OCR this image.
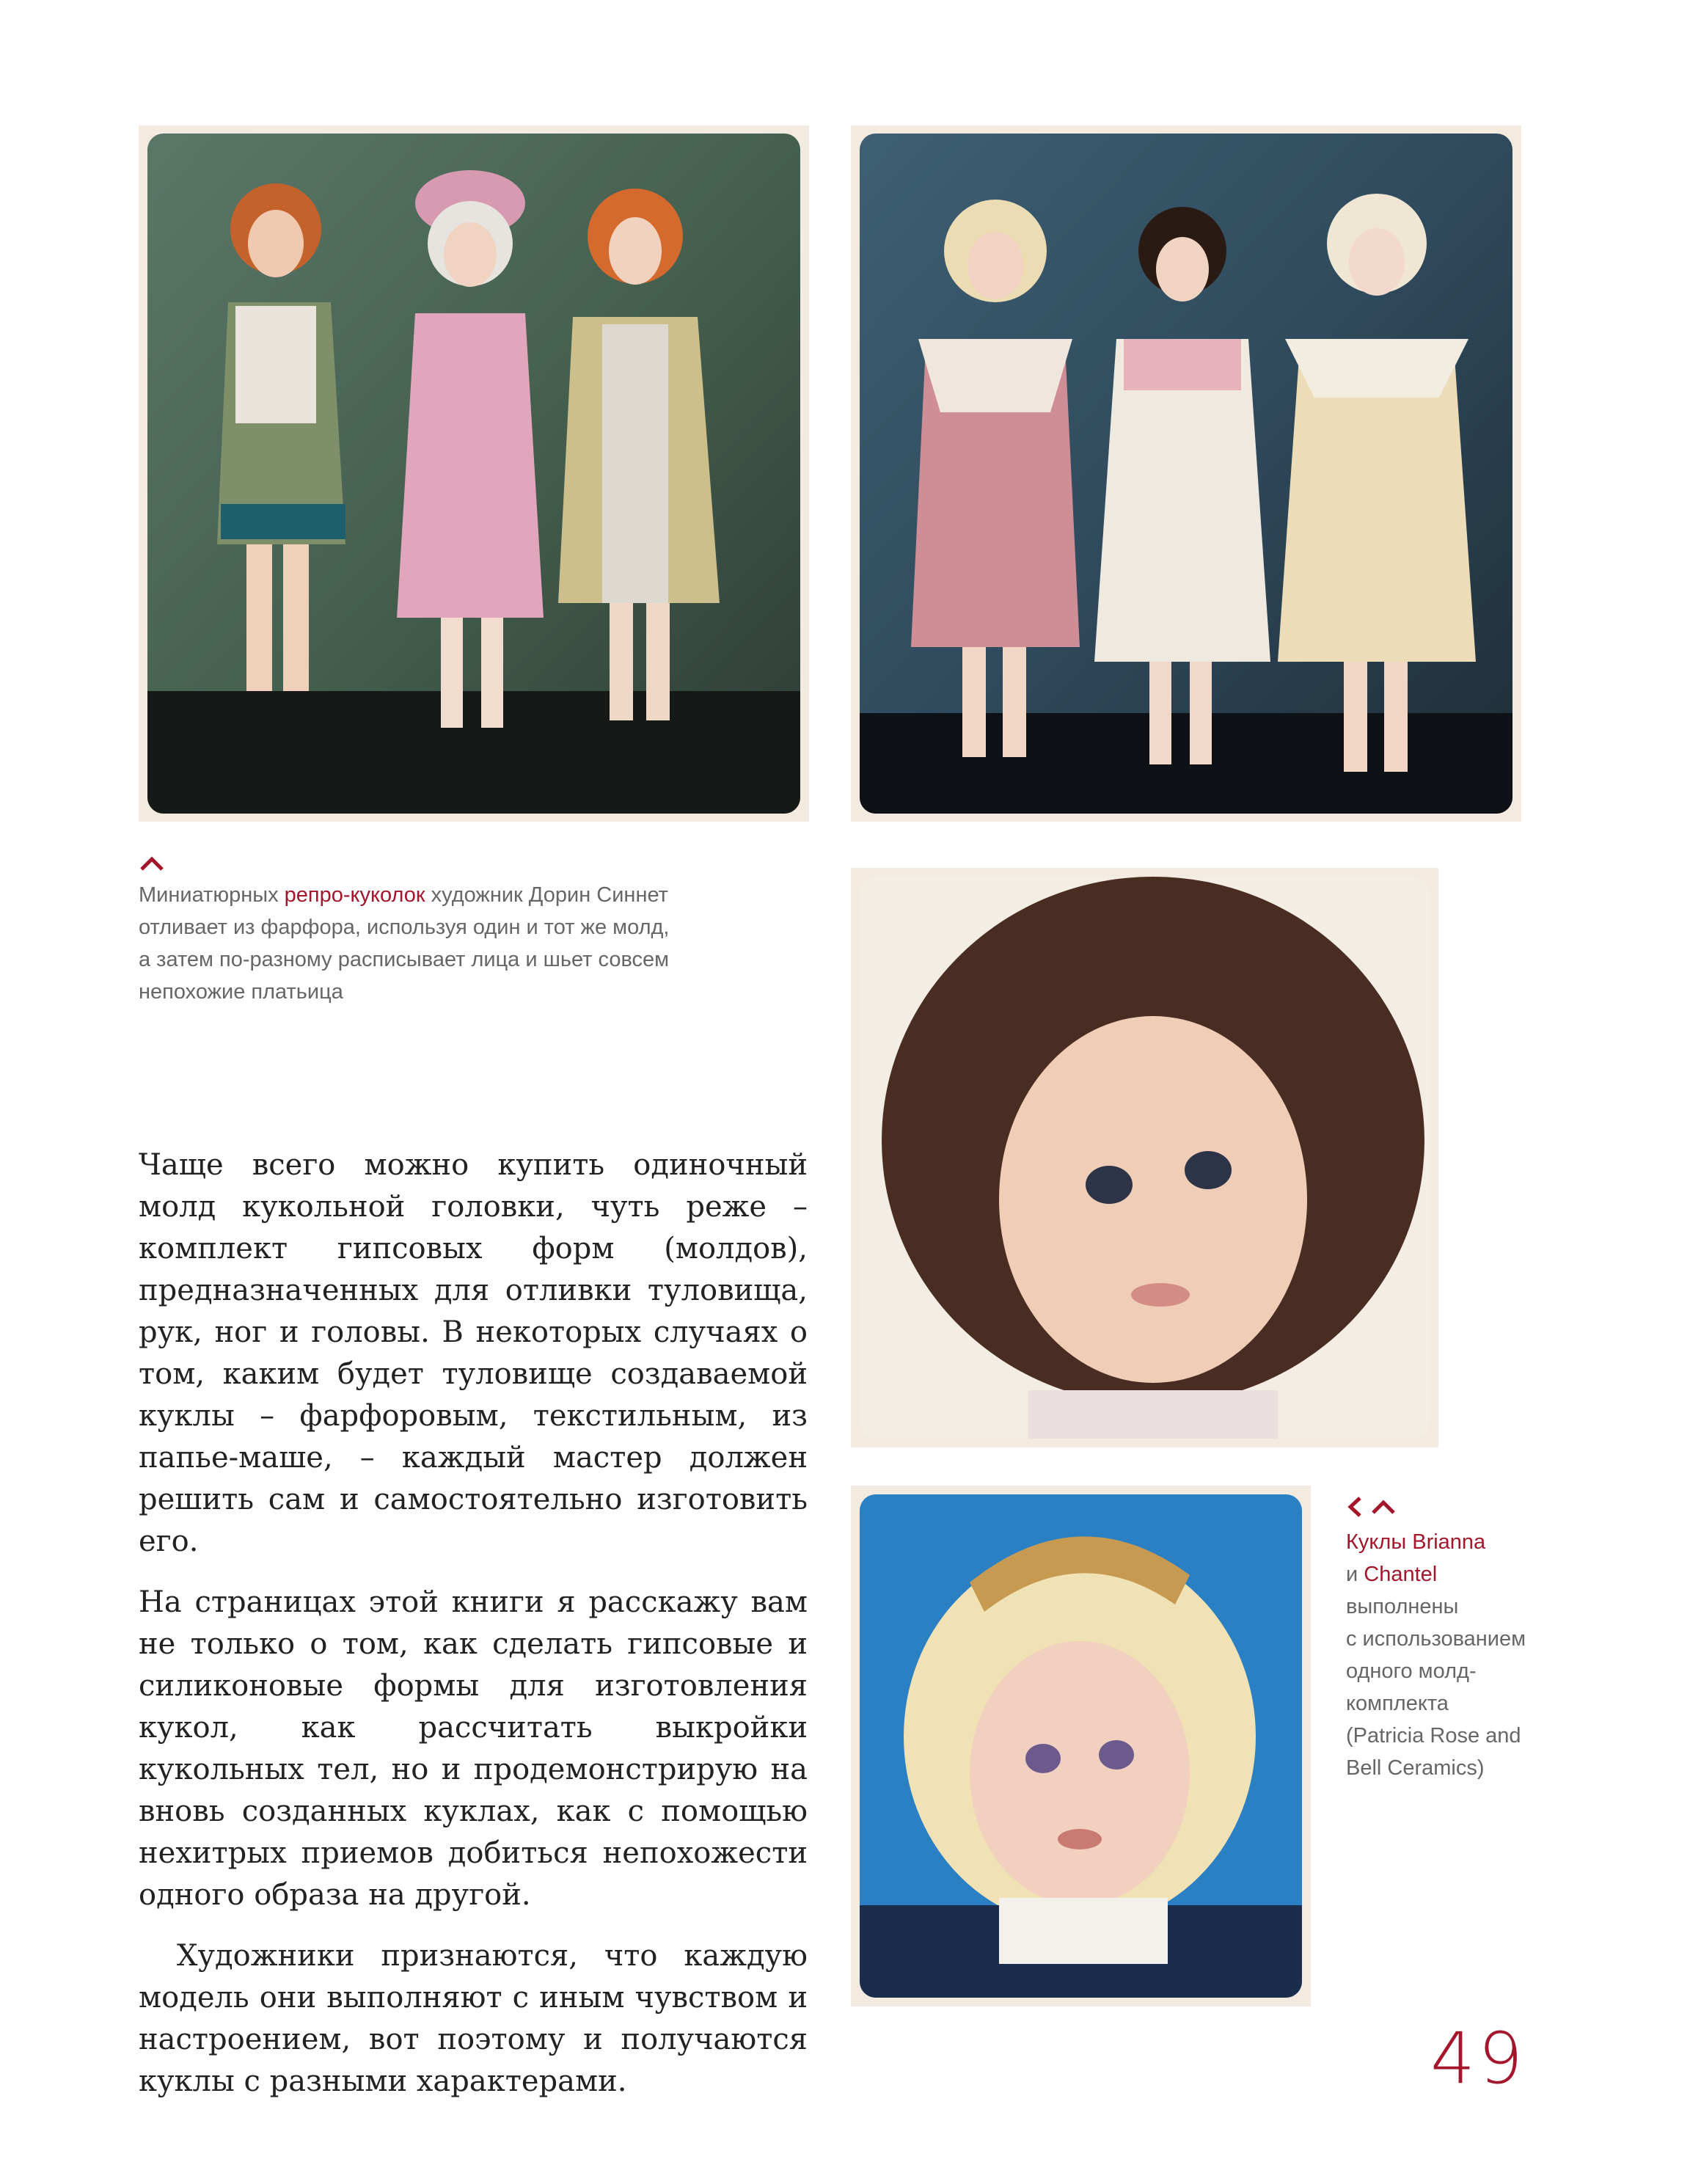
Миниатюрных репро-куколок художник Дорин Синнет
отливает из фарфора, используя один и тот же молд,
а затем по-разному расписывает лица и шьет совсем
непохожие платьица
Куклы Brianna
и Chantel
выполнены
с использованием
одного молд-
комплекта
(Patricia Rose and
Bell Ceramics)

Чаще всего можно купить одиночный молд кукольной головки, чуть реже – комплект гипсовых форм (молдов), предназначенных для отливки туловища, рук, ног и головы. В некоторых случаях о том, каким будет туловище создаваемой куклы – фарфоровым, текстильным, из папье-маше, – каждый мастер должен решить сам и самостоятельно изготовить его.

На страницах этой книги я расскажу вам не только о том, как сделать гипсовые и силиконовые формы для изготовления кукол, как рассчитать выкройки кукольных тел, но и продемонстрирую на вновь созданных куклах, как с помощью нехитрых приемов добиться непохожести одного образа на другой.

Художники признаются, что каждую модель они выполняют с иным чувством и настроением, вот поэтому и получаются куклы с разными характерами.	49
